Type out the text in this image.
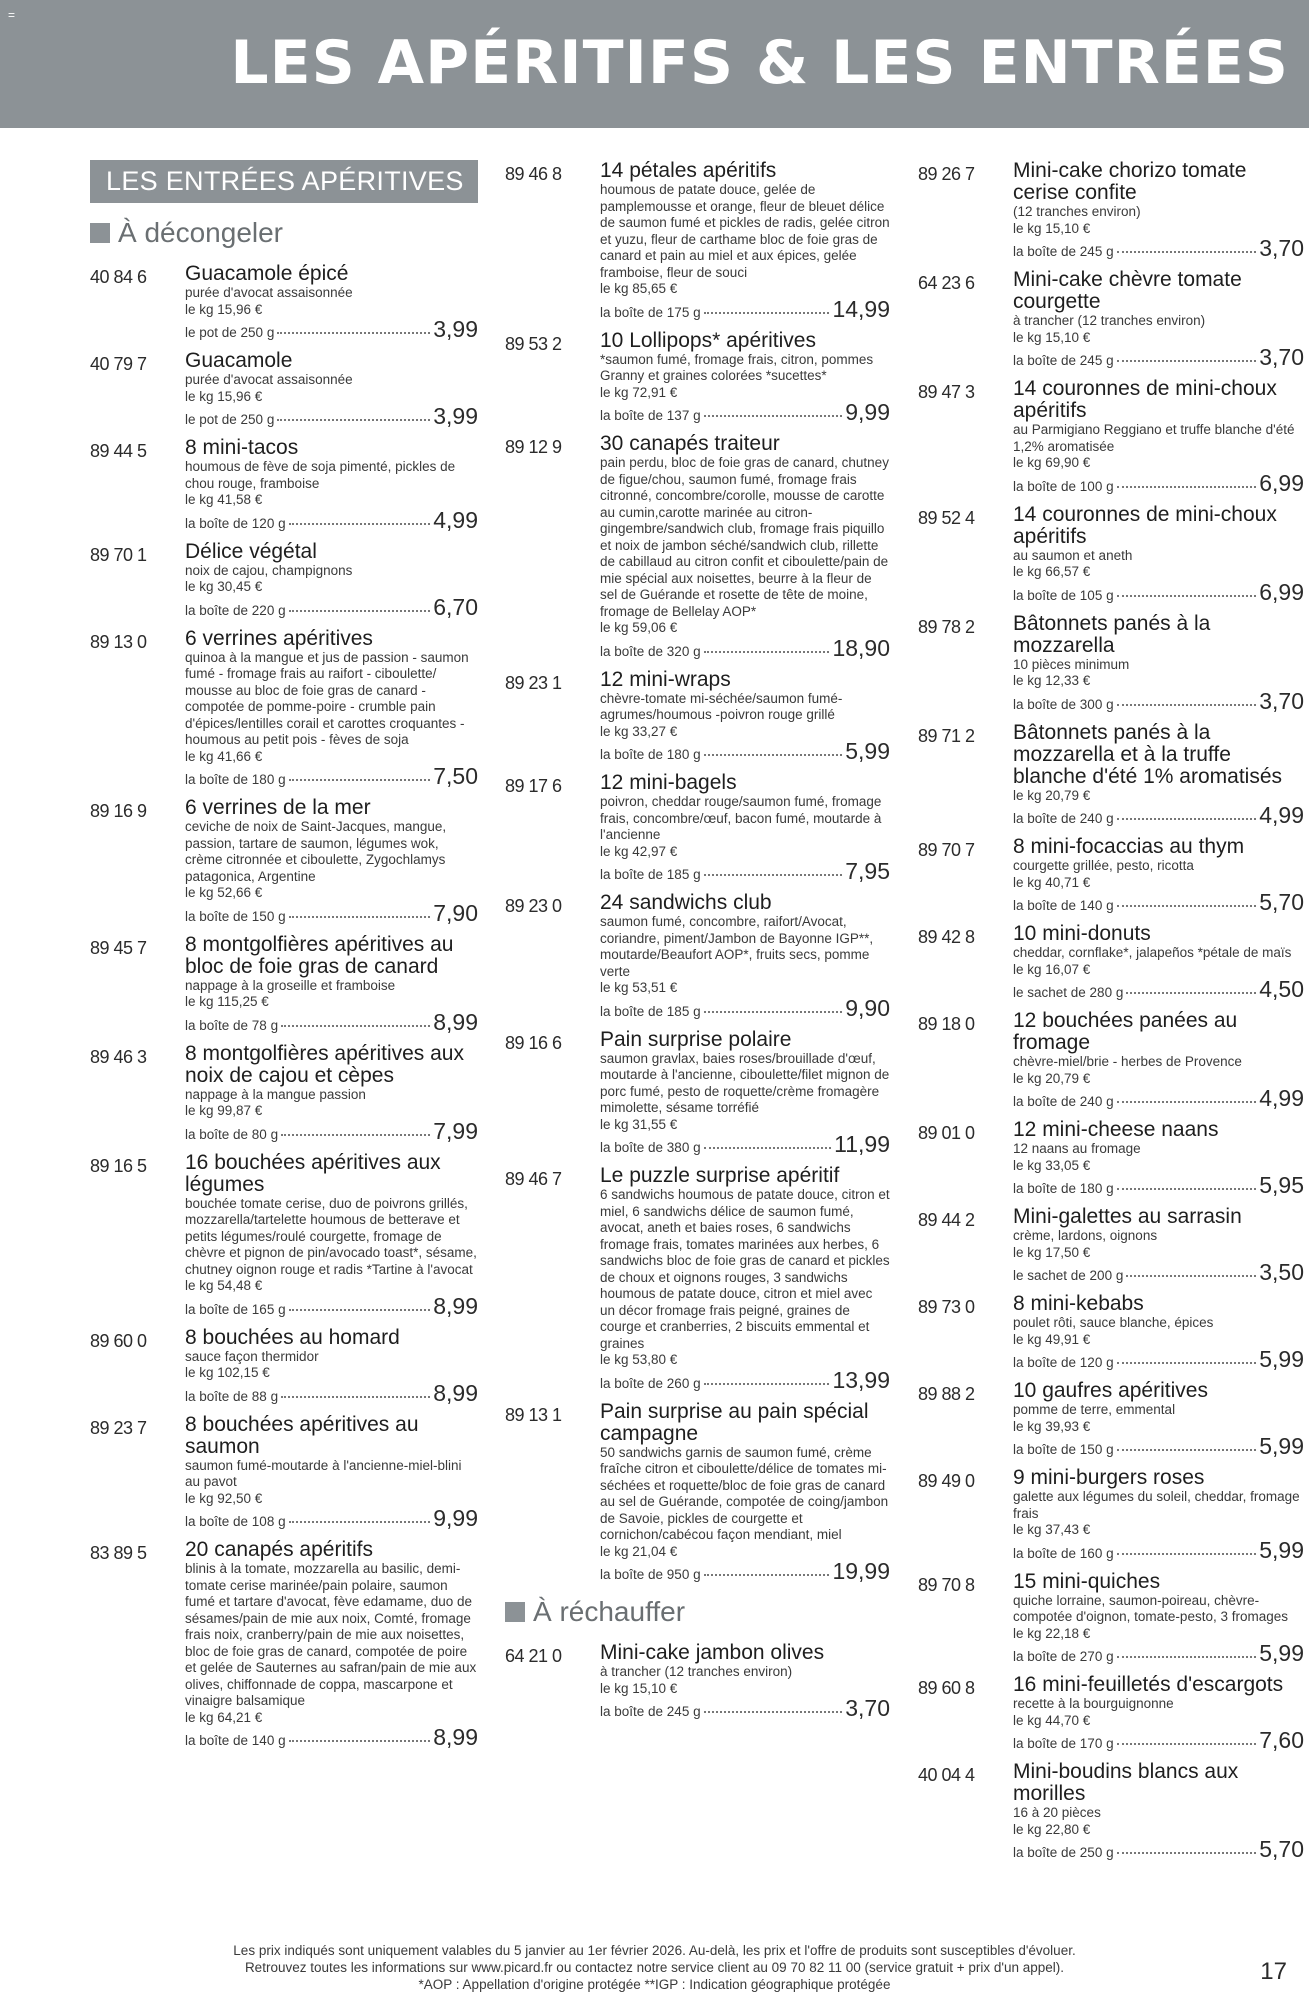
=
LES APÉRITIFS & LES ENTRÉES
LES ENTRÉES APÉRITIVES
À décongeler
40 84 6	Guacamole épicé
purée d'avocat assaisonnée
le kg 15,96 €
le pot de 250 g	3,99
40 79 7	Guacamole
purée d'avocat assaisonnée
le kg 15,96 €
le pot de 250 g	3,99
89 44 5	8 mini-tacos
houmous de fève de soja pimenté, pickles de chou rouge, framboise
le kg 41,58 €
la boîte de 120 g	4,99
89 70 1	Délice végétal
noix de cajou, champignons
le kg 30,45 €
la boîte de 220 g	6,70
89 13 0	6 verrines apéritives
quinoa à la mangue et jus de passion - saumon fumé - fromage frais au raifort - ciboulette/ mousse au bloc de foie gras de canard - compotée de pomme-poire - crumble pain d'épices/lentilles corail et carottes croquantes - houmous au petit pois - fèves de soja
le kg 41,66 €
la boîte de 180 g	7,50
89 16 9	6 verrines de la mer
ceviche de noix de Saint-Jacques, mangue, passion, tartare de saumon, légumes wok, crème citronnée et ciboulette, Zygochlamys patagonica, Argentine
le kg 52,66 €
la boîte de 150 g	7,90
89 45 7	8 montgolfières apéritives au bloc de foie gras de canard
nappage à la groseille et framboise
le kg 115,25 €
la boîte de 78 g	8,99
89 46 3	8 montgolfières apéritives aux noix de cajou et cèpes
nappage à la mangue passion
le kg 99,87 €
la boîte de 80 g	7,99
89 16 5	16 bouchées apéritives aux légumes
bouchée tomate cerise, duo de poivrons grillés, mozzarella/tartelette houmous de betterave et petits légumes/roulé courgette, fromage de chèvre et pignon de pin/avocado toast*, sésame, chutney oignon rouge et radis *Tartine à l'avocat
le kg 54,48 €
la boîte de 165 g	8,99
89 60 0	8 bouchées au homard
sauce façon thermidor
le kg 102,15 €
la boîte de 88 g	8,99
89 23 7	8 bouchées apéritives au saumon
saumon fumé-moutarde à l'ancienne-miel-blini au pavot
le kg 92,50 €
la boîte de 108 g	9,99
83 89 5	20 canapés apéritifs
blinis à la tomate, mozzarella au basilic, demi-tomate cerise marinée/pain polaire, saumon fumé et tartare d'avocat, fève edamame, duo de sésames/pain de mie aux noix, Comté, fromage frais noix, cranberry/pain de mie aux noisettes, bloc de foie gras de canard, compotée de poire et gelée de Sauternes au safran/pain de mie aux olives, chiffonnade de coppa, mascarpone et vinaigre balsamique
le kg 64,21 €
la boîte de 140 g	8,99
89 46 8	14 pétales apéritifs
houmous de patate douce, gelée de pamplemousse et orange, fleur de bleuet délice de saumon fumé et pickles de radis, gelée citron et yuzu, fleur de carthame bloc de foie gras de canard et pain au miel et aux épices, gelée framboise, fleur de souci
le kg 85,65 €
la boîte de 175 g	14,99
89 53 2	10 Lollipops* apéritives
*saumon fumé, fromage frais, citron, pommes Granny et graines colorées *sucettes*
le kg 72,91 €
la boîte de 137 g	9,99
89 12 9	30 canapés traiteur
pain perdu, bloc de foie gras de canard, chutney de figue/chou, saumon fumé, fromage frais citronné, concombre/corolle, mousse de carotte au cumin,carotte marinée au citron-gingembre/sandwich club, fromage frais piquillo et noix de jambon séché/sandwich club, rillette de cabillaud au citron confit et ciboulette/pain de mie spécial aux noisettes, beurre à la fleur de sel de Guérande et rosette de tête de moine, fromage de Bellelay AOP*
le kg 59,06 €
la boîte de 320 g	18,90
89 23 1	12 mini-wraps
chèvre-tomate mi-séchée/saumon fumé-agrumes/houmous -poivron rouge grillé
le kg 33,27 €
la boîte de 180 g	5,99
89 17 6	12 mini-bagels
poivron, cheddar rouge/saumon fumé, fromage frais, concombre/œuf, bacon fumé, moutarde à l'ancienne
le kg 42,97 €
la boîte de 185 g	7,95
89 23 0	24 sandwichs club
saumon fumé, concombre, raifort/Avocat, coriandre, piment/Jambon de Bayonne IGP**, moutarde/Beaufort AOP*, fruits secs, pomme verte
le kg 53,51 €
la boîte de 185 g	9,90
89 16 6	Pain surprise polaire
saumon gravlax, baies roses/brouillade d'œuf, moutarde à l'ancienne, ciboulette/filet mignon de porc fumé, pesto de roquette/crème fromagère mimolette, sésame torréfié
le kg 31,55 €
la boîte de 380 g	11,99
89 46 7	Le puzzle surprise apéritif
6 sandwichs houmous de patate douce, citron et miel, 6 sandwichs délice de saumon fumé, avocat, aneth et baies roses, 6 sandwichs fromage frais, tomates marinées aux herbes, 6 sandwichs bloc de foie gras de canard et pickles de choux et oignons rouges, 3 sandwichs houmous de patate douce, citron et miel avec un décor fromage frais peigné, graines de courge et cranberries, 2 biscuits emmental et graines
le kg 53,80 €
la boîte de 260 g	13,99
89 13 1	Pain surprise au pain spécial campagne
50 sandwichs garnis de saumon fumé, crème fraîche citron et ciboulette/délice de tomates mi-séchées et roquette/bloc de foie gras de canard au sel de Guérande, compotée de coing/jambon de Savoie, pickles de courgette et cornichon/cabécou façon mendiant, miel
le kg 21,04 €
la boîte de 950 g	19,99
À réchauffer
64 21 0	Mini-cake jambon olives
à trancher (12 tranches environ)
le kg 15,10 €
la boîte de 245 g	3,70
89 26 7	Mini-cake chorizo tomate cerise confite
(12 tranches environ)
le kg 15,10 €
la boîte de 245 g	3,70
64 23 6	Mini-cake chèvre tomate courgette
à trancher (12 tranches environ)
le kg 15,10 €
la boîte de 245 g	3,70
89 47 3	14 couronnes de mini-choux apéritifs
au Parmigiano Reggiano et truffe blanche d'été 1,2% aromatisée
le kg 69,90 €
la boîte de 100 g	6,99
89 52 4	14 couronnes de mini-choux apéritifs
au saumon et aneth
le kg 66,57 €
la boîte de 105 g	6,99
89 78 2	Bâtonnets panés à la mozzarella
10 pièces minimum
le kg 12,33 €
la boîte de 300 g	3,70
89 71 2	Bâtonnets panés à la mozzarella et à la truffe blanche d'été 1% aromatisés
le kg 20,79 €
la boîte de 240 g	4,99
89 70 7	8 mini-focaccias au thym
courgette grillée, pesto, ricotta
le kg 40,71 €
la boîte de 140 g	5,70
89 42 8	10 mini-donuts
cheddar, cornflake*, jalapeños *pétale de maïs
le kg 16,07 €
le sachet de 280 g	4,50
89 18 0	12 bouchées panées au fromage
chèvre-miel/brie - herbes de Provence
le kg 20,79 €
la boîte de 240 g	4,99
89 01 0	12 mini-cheese naans
12 naans au fromage
le kg 33,05 €
la boîte de 180 g	5,95
89 44 2	Mini-galettes au sarrasin
crème, lardons, oignons
le kg 17,50 €
le sachet de 200 g	3,50
89 73 0	8 mini-kebabs
poulet rôti, sauce blanche, épices
le kg 49,91 €
la boîte de 120 g	5,99
89 88 2	10 gaufres apéritives
pomme de terre, emmental
le kg 39,93 €
la boîte de 150 g	5,99
89 49 0	9 mini-burgers roses
galette aux légumes du soleil, cheddar, fromage frais
le kg 37,43 €
la boîte de 160 g	5,99
89 70 8	15 mini-quiches
quiche lorraine, saumon-poireau, chèvre-compotée d'oignon, tomate-pesto, 3 fromages
le kg 22,18 €
la boîte de 270 g	5,99
89 60 8	16 mini-feuilletés d'escargots
recette à la bourguignonne
le kg 44,70 €
la boîte de 170 g	7,60
40 04 4	Mini-boudins blancs aux morilles
16 à 20 pièces
le kg 22,80 €
la boîte de 250 g	5,70
Les prix indiqués sont uniquement valables du 5 janvier au 1er février 2026. Au-delà, les prix et l'offre de produits sont susceptibles d'évoluer.
Retrouvez toutes les informations sur www.picard.fr ou contactez notre service client au 09 70 82 11 00 (service gratuit + prix d'un appel).
*AOP : Appellation d'origine protégée **IGP : Indication géographique protégée	17
